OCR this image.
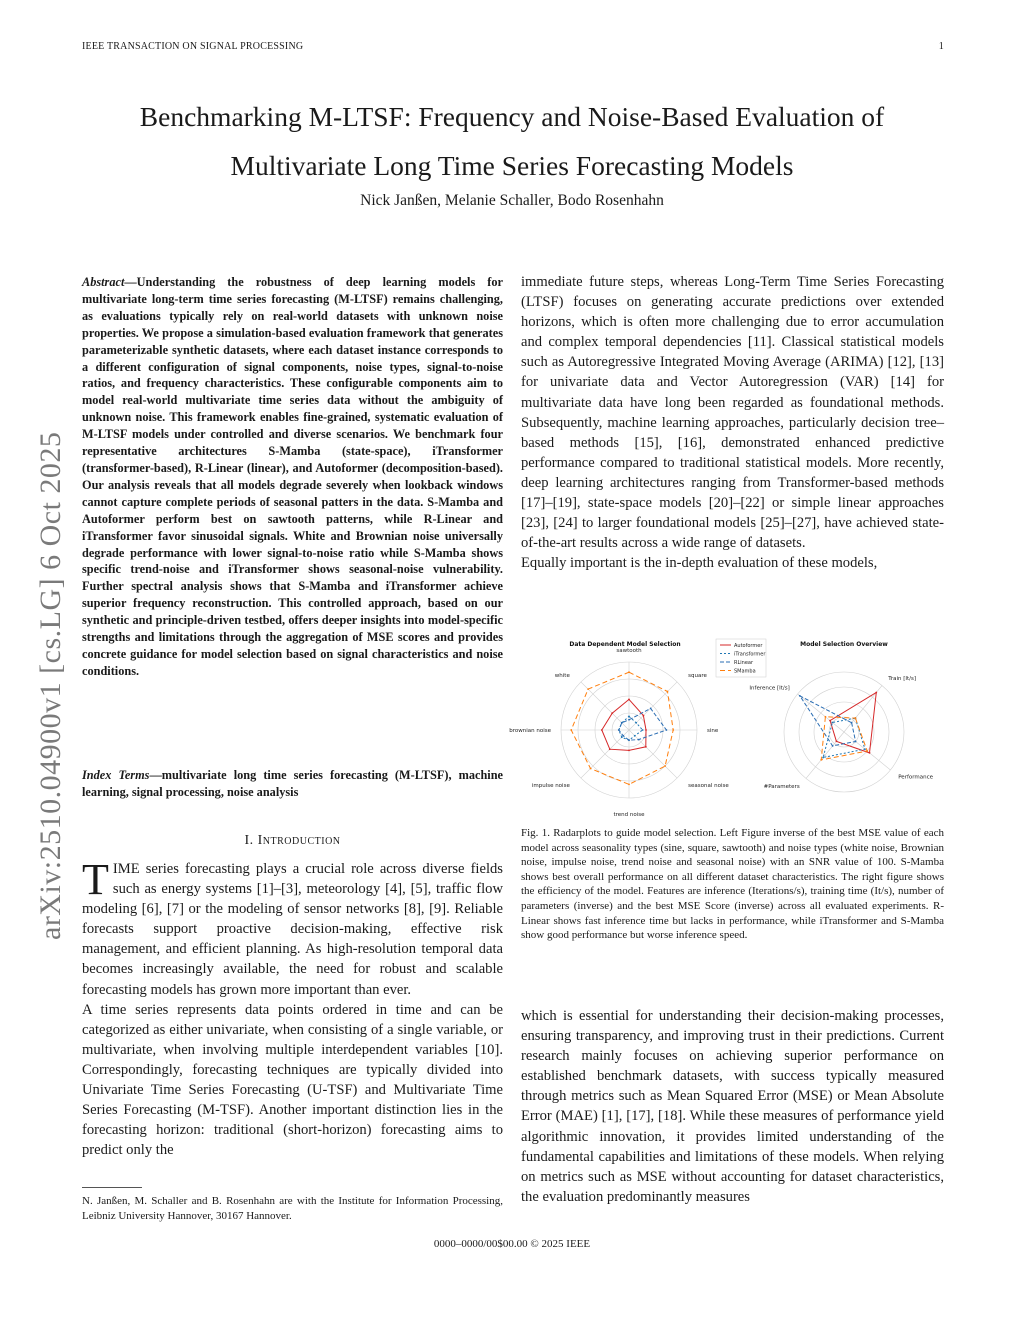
IEEE TRANSACTION ON SIGNAL PROCESSING	1
arXiv:2510.04900v1 [cs.LG] 6 Oct 2025
Benchmarking M-LTSF: Frequency and Noise-Based Evaluation of
Multivariate Long Time Series Forecasting Models
Nick Janßen, Melanie Schaller, Bodo Rosenhahn
Abstract—Understanding the robustness of deep learning models for multivariate long-term time series forecasting (M-LTSF) remains challenging, as evaluations typically rely on real-world datasets with unknown noise properties. We propose a simulation-based evaluation framework that generates parameterizable synthetic datasets, where each dataset instance corresponds to a different configuration of signal components, noise types, signal-to-noise ratios, and frequency characteristics. These configurable components aim to model real-world multivariate time series data without the ambiguity of unknown noise. This framework enables fine-grained, systematic evaluation of M-LTSF models under controlled and diverse scenarios. We benchmark four representative architectures S-Mamba (state-space), iTransformer (transformer-based), R-Linear (linear), and Autoformer (decomposition-based). Our analysis reveals that all models degrade severely when lookback windows cannot capture complete periods of seasonal patters in the data. S-Mamba and Autoformer perform best on sawtooth patterns, while R-Linear and iTransformer favor sinusoidal signals. White and Brownian noise universally degrade performance with lower signal-to-noise ratio while S-Mamba shows specific trend-noise and iTransformer shows seasonal-noise vulnerability. Further spectral analysis shows that S-Mamba and iTransformer achieve superior frequency reconstruction. This controlled approach, based on our synthetic and principle-driven testbed, offers deeper insights into model-specific strengths and limitations through the aggregation of MSE scores and provides concrete guidance for model selection based on signal characteristics and noise conditions.
Index Terms—multivariate long time series forecasting (M-LTSF), machine learning, signal processing, noise analysis
I. Introduction

TIME series forecasting plays a crucial role across diverse fields such as energy systems [1]–[3], meteorology [4], [5], traffic flow modeling [6], [7] or the modeling of sensor networks [8], [9]. Reliable forecasts support proactive decision-making, effective risk management, and efficient planning. As high-resolution temporal data becomes increasingly available, the need for robust and scalable forecasting models has grown more important than ever.

A time series represents data points ordered in time and can be categorized as either univariate, when consisting of a single variable, or multivariate, when involving multiple interdependent variables [10]. Correspondingly, forecasting techniques are typically divided into Univariate Time Series Forecasting (U-TSF) and Multivariate Time Series Forecasting (M-TSF). Another important distinction lies in the forecasting horizon: traditional (short-horizon) forecasting aims to predict only the

N. Janßen, M. Schaller and B. Rosenhahn are with the Institute for Information Processing, Leibniz University Hannover, 30167 Hannover.

immediate future steps, whereas Long-Term Time Series Forecasting (LTSF) focuses on generating accurate predictions over extended horizons, which is often more challenging due to error accumulation and complex temporal dependencies [11]. Classical statistical models such as Autoregressive Integrated Moving Average (ARIMA) [12], [13] for univariate data and Vector Autoregression (VAR) [14] for multivariate data have long been regarded as foundational methods. Subsequently, machine learning approaches, particularly decision tree–based methods [15], [16], demonstrated enhanced predictive performance compared to traditional statistical models. More recently, deep learning architectures ranging from Transformer-based methods [17]–[19], state-space models [20]–[22] or simple linear approaches [23], [24] to larger foundational models [25]–[27], have achieved state-of-the-art results across a wide range of datasets.

Equally important is the in-depth evaluation of these models,

Data Dependent Model Selection	Model Selection Overview
sawtooth
square
sine
seasonal noise
trend noise
impulse noise
brownian noise
white	Train [It/s]
Performance
#Parameters
Inference [It/s]
Autoformer
iTransformer
RLinear
SMamba
Fig. 1. Radarplots to guide model selection. Left Figure inverse of the best MSE value of each model across seasonality types (sine, square, sawtooth) and noise types (white noise, Brownian noise, impulse noise, trend noise and seasonal noise) with an SNR value of 100. S-Mamba shows best overall performance on all different dataset characteristics. The right figure shows the efficiency of the model. Features are inference (Iterations/s), training time (It/s), number of parameters (inverse) and the best MSE Score (inverse) across all evaluated experiments. R-Linear shows fast inference time but lacks in performance, while iTransformer and S-Mamba show good performance but worse inference speed.

which is essential for understanding their decision-making processes, ensuring transparency, and improving trust in their predictions. Current research mainly focuses on achieving superior performance on established benchmark datasets, with success typically measured through metrics such as Mean Squared Error (MSE) or Mean Absolute Error (MAE) [1], [17], [18]. While these measures of performance yield algorithmic innovation, it provides limited understanding of the fundamental capabilities and limitations of these models. When relying on metrics such as MSE without accounting for dataset characteristics, the evaluation predominantly measures

0000–0000/00$00.00 © 2025 IEEE
